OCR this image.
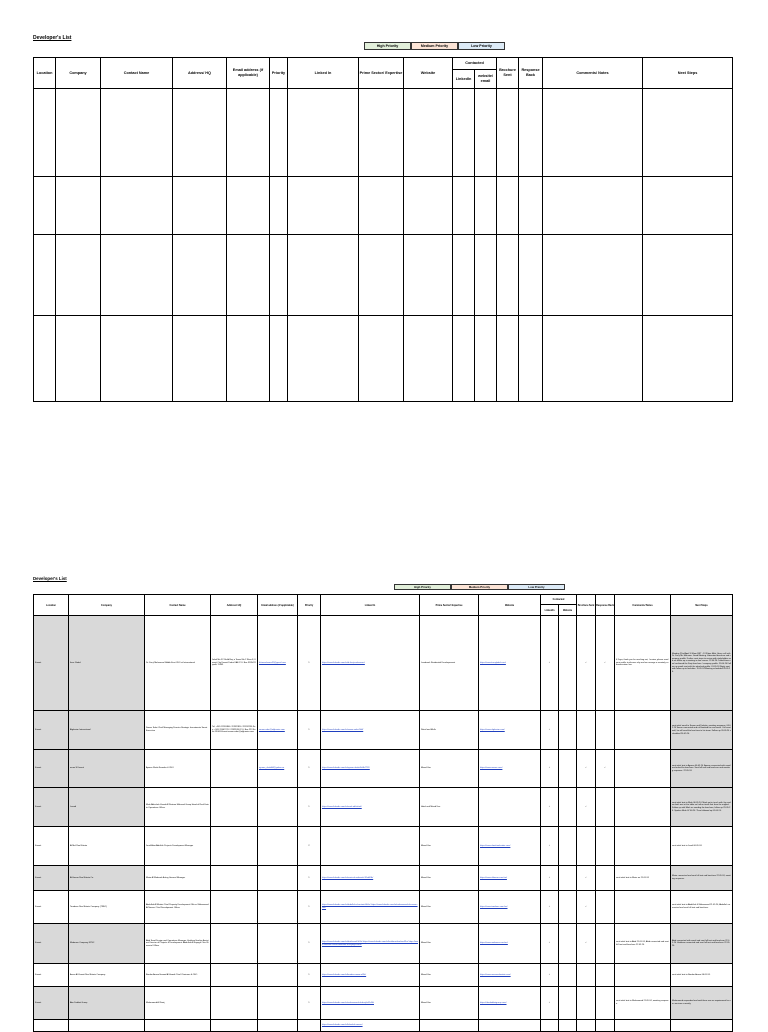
Developer's List
High Priority	Medium Priority	Low Priority
Location	Company	Contact Name	Address/ HQ	Email address (if applicable)	Priority	Linked In	Prime Sector/ Expertise	Website	Contacted		Brochure Sent	Response Back	Comments/ Notes	Next Steps
									LinkedIn	website/ email				

Developer's List
High Priority	Medium Priority	Low Priority
Location	Company	Contact Name	Address/ HQ	Email address (if applicable)	Priority	Linked In	Prime Sector/ Expertise	Website	Contacted		Brochure Sent	Response Back	Comments/ Notes	Next Steps
									LinkedIn	Website				
Kuwait	Itaru Global	Dr. Fouji Mohaseen Middle East CEO at International	Jabal Mo ZC Build Burj a Tower Mo 2 Floor 8, Kuwait City Kuwait Dubai UAE P.O. Box 31894 Riyadh 11449	fnhasselmann99@gmail.com	1	https://www.linkedin.com/in/dr-fouji-mohaseen/	Landmark Residential Developement	https://www.itaruglobal.com/	✓		✓	✓	4 Days, thank you for reaching out, I review, please send your profile to discuss why and we arrange a remotely communication line.	Monday 22nd April 9:30am BST - 12:30pm Mob. Given call with Dr. Fouji Mr. Mansour. Good Meeting. Interested brochure and company profile. Further next steps to review with stakeholder and we follow up a meeting in due course. 22.04.24 Called them and confirmed the Fouji brochure / company profile. 23.04.24 Follow up email sent with the attached profile. 01.05.24 Reply sent with follow up to find date. 15.05.24 Meeting scheduled 20.05.24.
Kuwait	Alghanim International	Samer Sabri Chief Managing Director Strategic Investments Smart Executive	Tel: +965 22205800 / 22822810 / 22812236 Fax: +965 22467741 / 22822059 P.O. Box 223 Safat 13003 Kuwait samer.sabri@alghanim.com	samer.sabri@alghanim.com	1	https://www.linkedin.com/in/samer-sabri-5b8/	Retail and Malls	https://www.alghanim.com/	✓					sent initial email to Samer and Deloitte, awaiting response. 06.05.24 Samer connected and call booked for next week. Call went well, he will send the brochure to his team. Follow up 20.05.24 scheduled 26.05.24.
Kuwait	avrox.S Kuwait	Ayman Shabi Founder & CEO		ayman_shabi84@yahoo.co	1	https://www.linkedin.com/in/ayman-shabi-8a3b7711/	Mixed Use	https://www.avroxs.com/	✓		✓	✓		sent initial text to Ayman 06.05.24. Ayman connected with email and asked for brochure. Sent full text and brochure and awaiting response. 22.05.24.
Kuwait	Lavadi	Mark Abhishek Kamal Al Rustom Mahmud Group Head of Real Estate Operations Officer			1	https://www.linkedin.com/in/mark-abhishek/	Hotel and Mixed Use		✓		✓			sent initial text to Mark 06.05.24. Mark got in touch with Jay and we both met at the table on further items that from the original. Follow up with Mark on sending the brochure, follow up 29.05.24. Spoken Mark 07.06.24. Then followed up 01.06.24.
Kuwait	Al Mal Real Estate	Jamil Abu Abdullah Projects Development Manager			2		Mixed Use	https://www.almalrealestate.com/	✓					sent initial text to Jamil 06.05.24.
Kuwait	Al Hamra Real Estate Co.	Marie Al Mubarak Acting General Manager			1	https://www.linkedin.com/in/marie-al-mubarak-32ab43b/	Mixed Use	https://www.alhamra.com.kw/	✓		✓		sent initial text to Marie on 21.05.24	Marie connected and sent full text and brochure 22.05.24, awaiting response.
Kuwait	Tamdeen Real Estate Company (TREC)	Abdullah Al Mutairi Chief Property Development Officer. Mohammed Al Nasser Chief Development Officer			1	https://www.linkedin.com/in/abdullah-al-mutairi-6b9a/ https://www.linkedin.com/in/mohammed-al-nasser-2b1/	Mixed Use	https://www.tamdeen.com.kw/	✓		✓			sent initial text to Abdullah & Mohammed 21.05.24, Abdullah connected and sent full text and brochure.
Kuwait	Mabanee Company KPSC	Abid Saad Design and Operations Manager. Haitham Ibrahim Assistant Director of Projects & Development. Abdullah Al Sayegh Chief Financial Officer			1	https://www.linkedin.com/in/abid-saad-3c9b/ https://www.linkedin.com/in/haitham-ibrahim-81a/ https://www.linkedin.com/in/abdullah-al-sayegh-4d2e/	Mixed Use	https://www.mabanee.com/en/	✓		✓		sent initial text to Abid 21.05.24, Abid connected and sent full text and brochure 22.05.24.	Abid connected with email and sent full text and brochure 22.05.24. Haitham connected and sent full text and brochure 22.05.24.
Kuwait	Arzan Al Kuwait Real Estate Company	Bandar Anwar Hamad Al Hamdi Chief Chairman & CEO			1	https://www.linkedin.com/in/bandar-anwar-a89c/	Mixed Use	https://www.arzanrealestate.com/	✓					sent initial text to Bandar Anwar 06.05.24.
Kuwait	Abu Dabbet Group	Mohammed Al Duaij			1	https://www.linkedin.com/in/mohammed-al-duaij-b61c8b/	Mixed Use	https://abudabbetgroup.com/	✓				sent initial text to Mohammed 21.05.24, awaiting response.	Mohammed responded and said there was no requirement for our services currently.
						https://www.linkedin.com/in/fahad-al-nasser/								
